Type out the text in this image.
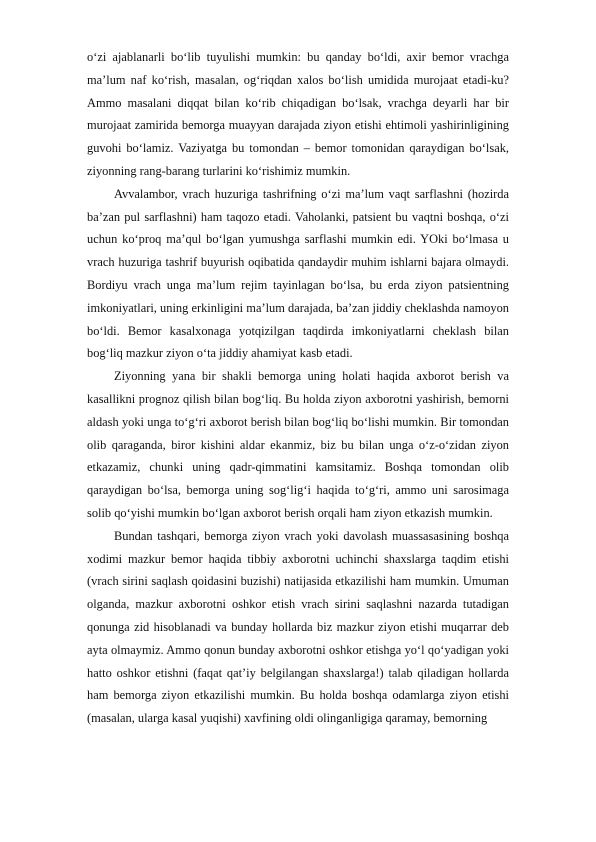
o‘zi ajablanarli bo‘lib tuyulishi mumkin: bu qanday bo‘ldi, axir bemor vrachga ma’lum naf ko‘rish, masalan, og‘riqdan xalos bo‘lish umidida murojaat etadi-ku? Ammo masalani diqqat bilan ko‘rib chiqadigan bo‘lsak, vrachga deyarli har bir murojaat zamirida bemorga muayyan darajada ziyon etishi ehtimoli yashirinligining guvohi bo‘lamiz. Vaziyatga bu tomondan – bemor tomonidan qaraydigan bo‘lsak, ziyonning rang-barang turlarini ko‘rishimiz mumkin.

Avvalambor, vrach huzuriga tashrifning o‘zi ma’lum vaqt sarflashni (hozirda ba’zan pul sarflashni) ham taqozo etadi. Vaholanki, patsient bu vaqtni boshqa, o‘zi uchun ko‘proq ma’qul bo‘lgan yumushga sarflashi mumkin edi. YOki bo‘lmasa u vrach huzuriga tashrif buyurish oqibatida qandaydir muhim ishlarni bajara olmaydi. Bordiyu vrach unga ma’lum rejim tayinlagan bo‘lsa, bu erda ziyon patsientning imkoniyatlari, uning erkinligini ma’lum darajada, ba’zan jiddiy cheklashda namoyon bo‘ldi. Bemor kasalxonaga yotqizilgan taqdirda imkoniyatlarni cheklash bilan bog‘liq mazkur ziyon o‘ta jiddiy ahamiyat kasb etadi.

Ziyonning yana bir shakli bemorga uning holati haqida axborot berish va kasallikni prognoz qilish bilan bog‘liq. Bu holda ziyon axborotni yashirish, bemorni aldash yoki unga to‘g‘ri axborot berish bilan bog‘liq bo‘lishi mumkin. Bir tomondan olib qaraganda, biror kishini aldar ekanmiz, biz bu bilan unga o‘z-o‘zidan ziyon etkazamiz, chunki uning qadr-qimmatini kamsitamiz. Boshqa tomondan olib qaraydigan bo‘lsa, bemorga uning sog‘lig‘i haqida to‘g‘ri, ammo uni sarosimaga solib qo‘yishi mumkin bo‘lgan axborot berish orqali ham ziyon etkazish mumkin.

Bundan tashqari, bemorga ziyon vrach yoki davolash muassasasining boshqa xodimi mazkur bemor haqida tibbiy axborotni uchinchi shaxslarga taqdim etishi (vrach sirini saqlash qoidasini buzishi) natijasida etkazilishi ham mumkin. Umuman olganda, mazkur axborotni oshkor etish vrach sirini saqlashni nazarda tutadigan qonunga zid hisoblanadi va bunday hollarda biz mazkur ziyon etishi muqarrar deb ayta olmaymiz. Ammo qonun bunday axborotni oshkor etishga yo‘l qo‘yadigan yoki hatto oshkor etishni (faqat qat’iy belgilangan shaxslarga!) talab qiladigan hollarda ham bemorga ziyon etkazilishi mumkin. Bu holda boshqa odamlarga ziyon etishi (masalan, ularga kasal yuqishi) xavfining oldi olinganligiga qaramay, bemorning
